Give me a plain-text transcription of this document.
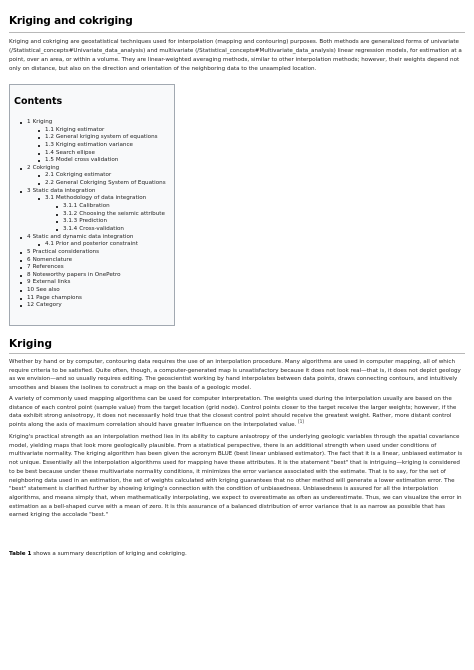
Kriging and cokriging

Kriging and cokriging are geostatistical techniques used for interpolation (mapping and contouring) purposes. Both methods are generalized forms of univariate (/Statistical_concepts#Univariate_data_analysis) and multivariate (/Statistical_concepts#Multivariate_data_analysis) linear regression models, for estimation at a point, over an area, or within a volume. They are linear-weighted averaging methods, similar to other interpolation methods; however, their weights depend not only on distance, but also on the direction and orientation of the neighboring data to the unsampled location.

Contents
1 Kriging
1.1 Kriging estimator
1.2 General kriging system of equations
1.3 Kriging estimation variance
1.4 Search ellipse
1.5 Model cross validation
2 Cokriging
2.1 Cokriging estimator
2.2 General Cokriging System of Equations
3 Static data integration
3.1 Methodology of data integration
3.1.1 Calibration
3.1.2 Choosing the seismic attribute
3.1.3 Prediction
3.1.4 Cross-validation
4 Static and dynamic data integration
4.1 Prior and posterior constraint
5 Practical considerations
6 Nomenclature
7 References
8 Noteworthy papers in OnePetro
9 External links
10 See also
11 Page champions
12 Category
Kriging

Whether by hand or by computer, contouring data requires the use of an interpolation procedure. Many algorithms are used in computer mapping, all of which require criteria to be satisfied. Quite often, though, a computer-generated map is unsatisfactory because it does not look real—that is, it does not depict geology as we envision—and so usually requires editing. The geoscientist working by hand interpolates between data points, draws connecting contours, and intuitively smoothes and biases the isolines to construct a map on the basis of a geologic model.

A variety of commonly used mapping algorithms can be used for computer interpretation. The weights used during the interpolation usually are based on the distance of each control point (sample value) from the target location (grid node). Control points closer to the target receive the larger weights; however, if the data exhibit strong anisotropy, it does not necessarily hold true that the closest control point should receive the greatest weight. Rather, more distant control points along the axis of maximum correlation should have greater influence on the interpolated value. [1]

Kriging's practical strength as an interpolation method lies in its ability to capture anisotropy of the underlying geologic variables through the spatial covariance model, yielding maps that look more geologically plausible. From a statistical perspective, there is an additional strength when used under conditions of multivariate normality. The kriging algorithm has been given the acronym BLUE (best linear unbiased estimator). The fact that it is a linear, unbiased estimator is not unique. Essentially all the interpolation algorithms used for mapping have these attributes. It is the statement "best" that is intriguing—kriging is considered to be best because under these multivariate normality conditions, it minimizes the error variance associated with the estimate. That is to say, for the set of neighboring data used in an estimation, the set of weights calculated with kriging guarantees that no other method will generate a lower estimation error. The "best" statement is clarified further by showing kriging's connection with the condition of unbiasedness. Unbiasedness is assured for all the interpolation algorithms, and means simply that, when mathematically interpolating, we expect to overestimate as often as underestimate. Thus, we can visualize the error in estimation as a bell-shaped curve with a mean of zero. It is this assurance of a balanced distribution of error variance that is as narrow as possible that has earned kriging the accolade "best."

Table 1 shows a summary description of kriging and cokriging.
